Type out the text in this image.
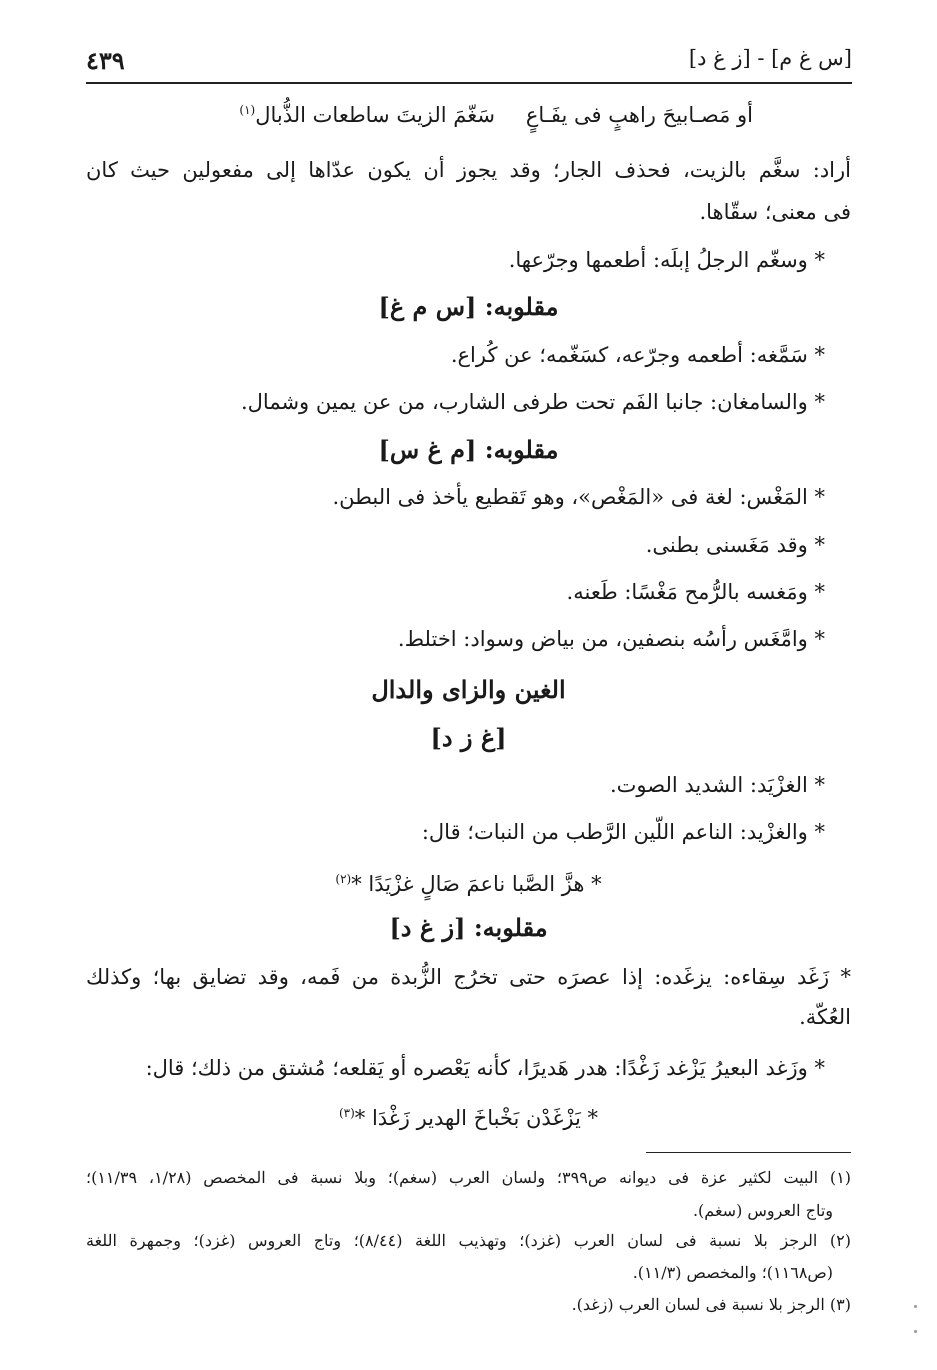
٤٣٩	[س غ م] - [ز غ د]
أو مَصـابيحَ راهبٍ فى يفَـاعٍ
سَغّمَ الزيتَ ساطعات الذُّبال$^{(١)}$
أراد: سغَّم بالزيت، فحذف الجار؛ وقد يجوز أن يكون عدّاها إلى مفعولين حيث كان
فى معنى؛ سقّاها.
* وسغّم الرجلُ إبلَه: أطعمها وجرّعها.
مقلوبه: [س م غ]
* سَمَّغه: أطعمه وجرّعه، كسَغّمه؛ عن كُراع.
* والسامغان: جانبا الفَم تحت طرفى الشارب، من عن يمين وشمال.
مقلوبه: [م غ س]
* المَغْس: لغة فى «المَغْص»، وهو تَقطيع يأخذ فى البطن.
* وقد مَغَسنى بطنى.
* ومَغسه بالرُّمح مَغْسًا: طَعنه.
* وامَّغَس رأسُه بنصفين، من بياض وسواد: اختلط.
الغين والزاى والدال
[غ ز د]
* الغزْيَد: الشديد الصوت.
* والغزْيد: الناعم اللّين الرَّطب من النبات؛ قال:
* هزَّ الصَّبا ناعمَ صَالٍ غزْيَدًا *$^{(٢)}$
مقلوبه: [ز غ د]
* زَغَد سِقاءه: يزغَده: إذا عصرَه حتى تخرُج الزُّبدة من فَمه، وقد تضايق بها؛ وكذلك
العُكّة.
* وزَغد البعيرُ يَزْغد زَغْدًا: هدر هَديرًا، كأنه يَعْصره أو يَقلعه؛ مُشتق من ذلك؛ قال:
* يَزْغَدْن بَخْباخَ الهدير زَغْدَا *$^{(٣)}$
(١) البيت لكثير عزة فى ديوانه ص٣٩٩؛ ولسان العرب (سغم)؛ وبلا نسبة فى المخصص (١/٢٨، ١١/٣٩)؛
وتاج العروس (سغم).
(٢) الرجز بلا نسبة فى لسان العرب (غزد)؛ وتهذيب اللغة (٨/٤٤)؛ وتاج العروس (غزد)؛ وجمهرة اللغة
(ص١١٦٨)؛ والمخصص (١١/٣).
(٣) الرجز بلا نسبة فى لسان العرب (زغد).
